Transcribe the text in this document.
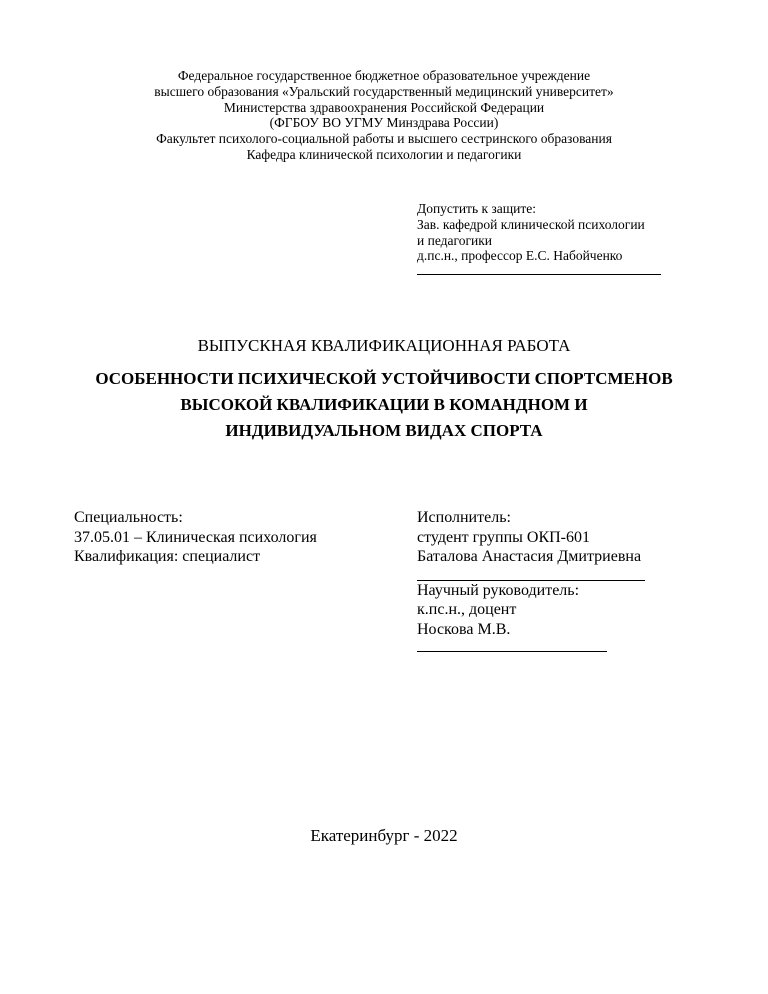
Федеральное государственное бюджетное образовательное учреждение
высшего образования «Уральский государственный медицинский университет»
Министерства здравоохранения Российской Федерации
(ФГБОУ ВО УГМУ Минздрава России)
Факультет психолого-социальной работы и высшего сестринского образования
Кафедра клинической психологии и педагогики
Допустить к защите:
Зав. кафедрой клинической психологии
и педагогики
д.пс.н., профессор Е.С. Набойченко
ВЫПУСКНАЯ КВАЛИФИКАЦИОННАЯ РАБОТА
ОСОБЕННОСТИ ПСИХИЧЕСКОЙ УСТОЙЧИВОСТИ СПОРТСМЕНОВ
ВЫСОКОЙ КВАЛИФИКАЦИИ В КОМАНДНОМ И
ИНДИВИДУАЛЬНОМ ВИДАХ СПОРТА
Специальность:
37.05.01 – Клиническая психология
Квалификация: специалист
Исполнитель:
студент группы ОКП-601
Баталова Анастасия Дмитриевна
Научный руководитель:
к.пс.н., доцент
Носкова М.В.
Екатеринбург - 2022
